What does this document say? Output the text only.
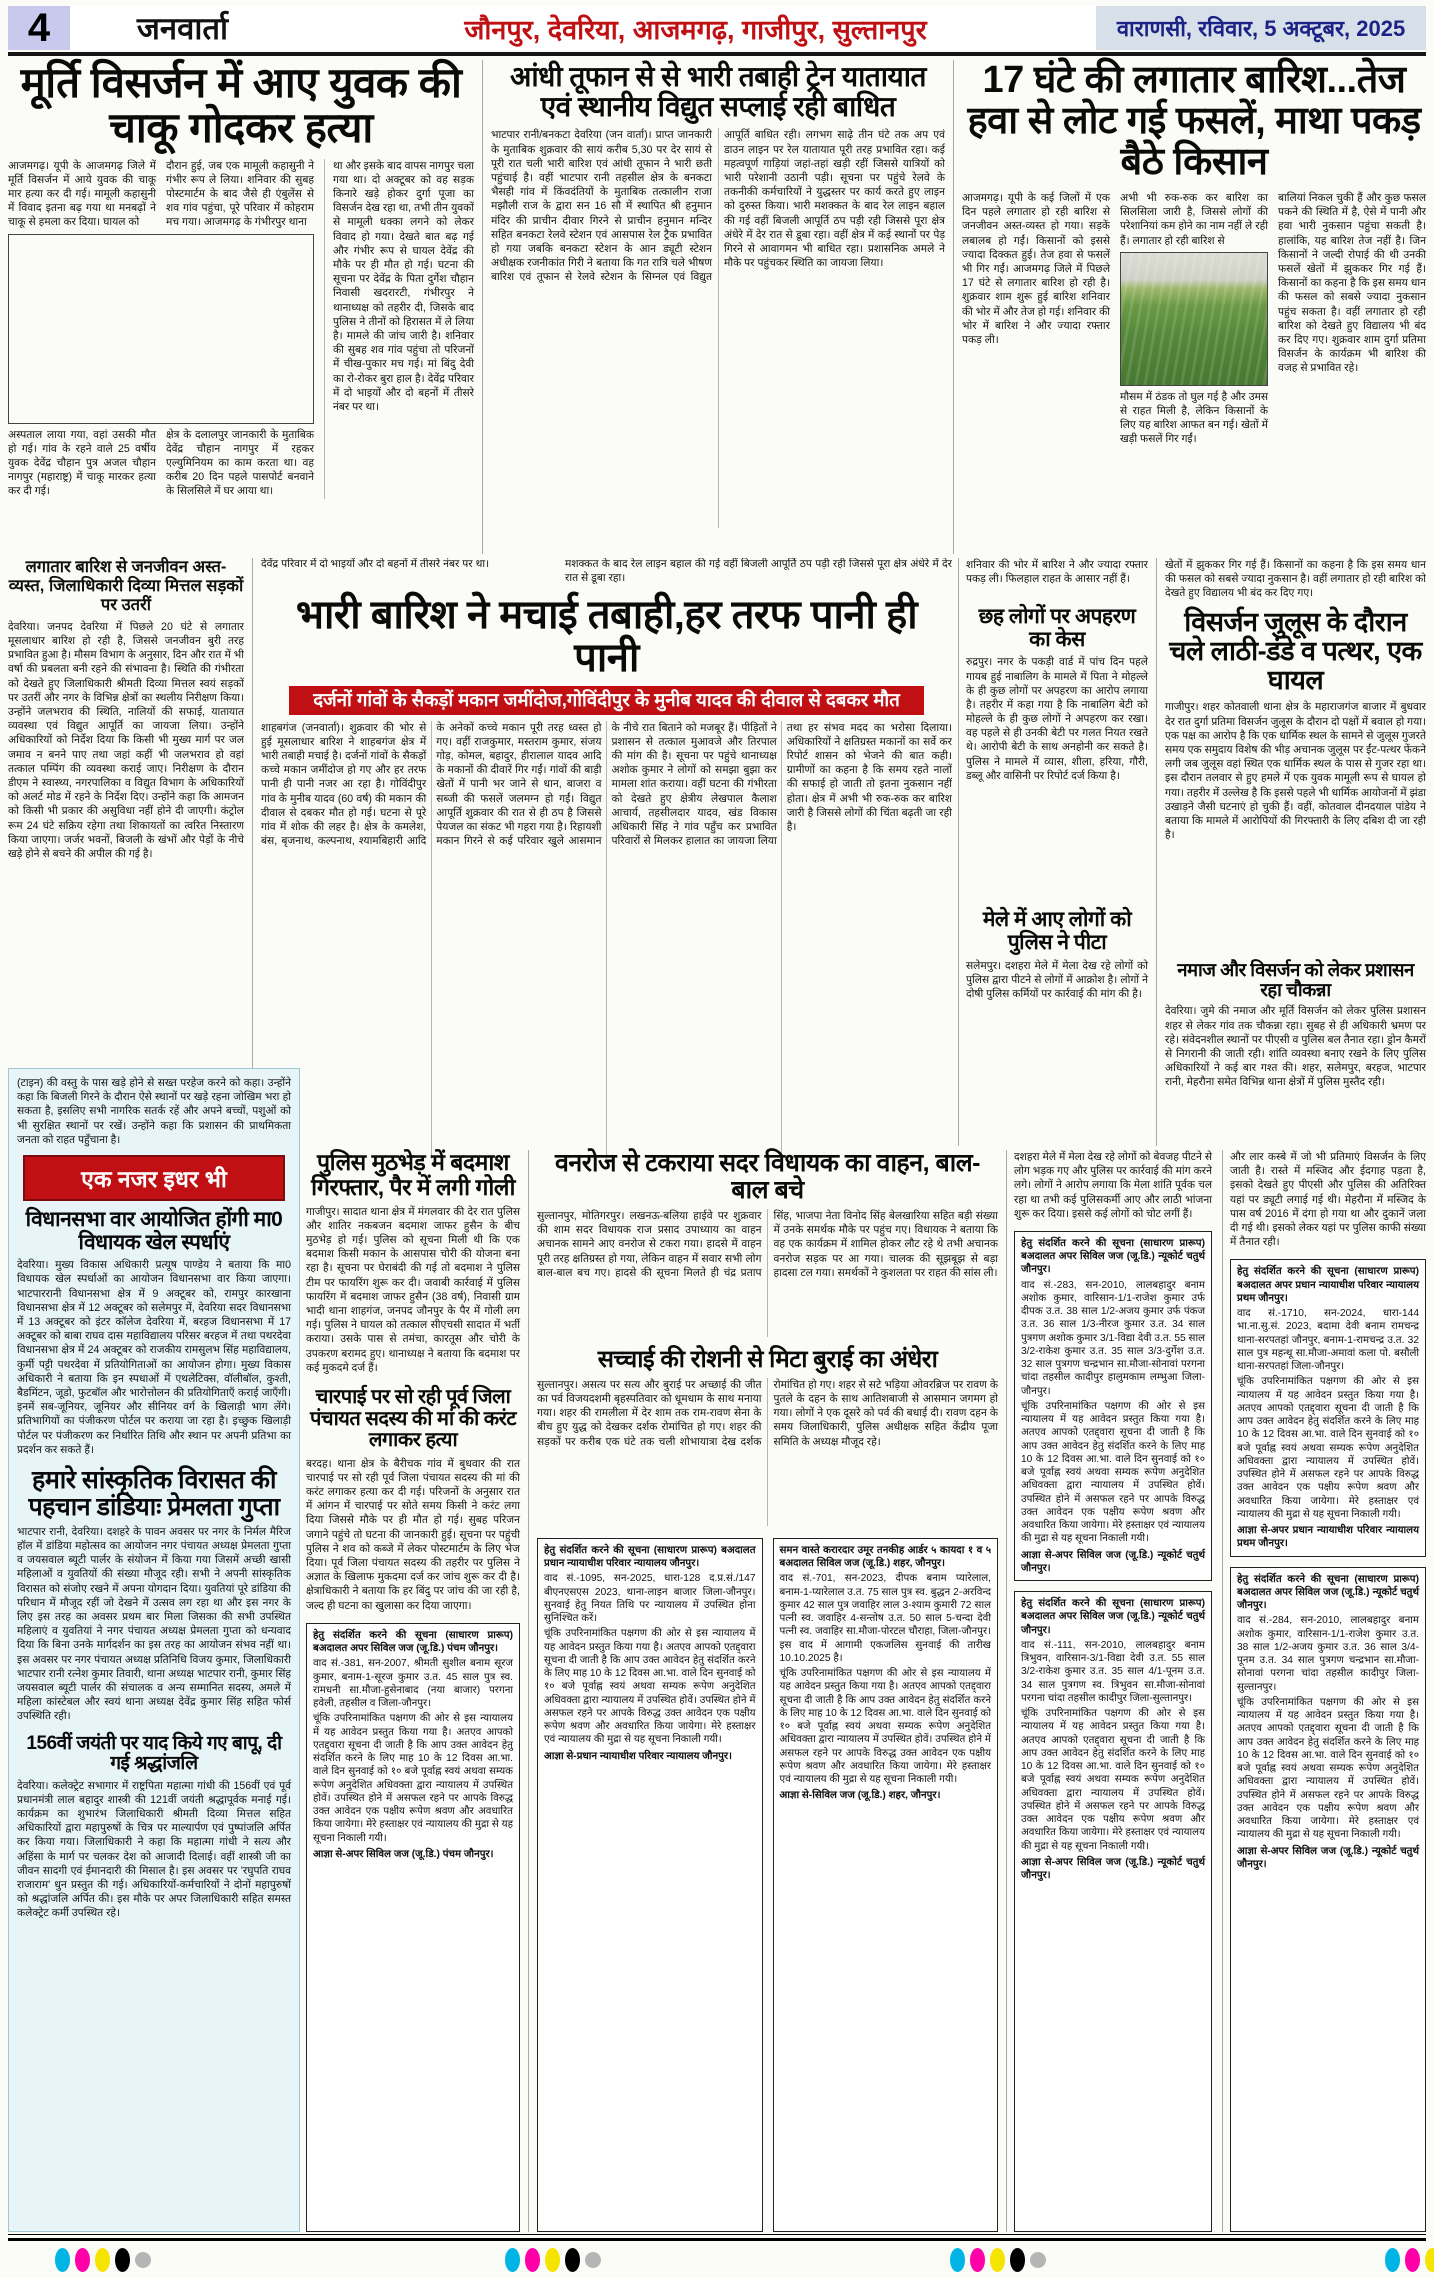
4	जनवार्ता	जौनपुर, देवरिया, आजमगढ़, गाजीपुर, सुल्तानपुर	वाराणसी, रविवार, 5 अक्टूबर, 2025
मूर्ति विसर्जन में आए युवक की चाकू गोदकर हत्या
आजमगढ़। यूपी के आजमगढ़ जिले में मूर्ति विसर्जन में आये युवक की चाकू मार हत्या कर दी गई। मामूली कहासुनी में विवाद इतना बढ़ गया था मनबढ़ों ने चाकू से हमला कर दिया। घायल को
दौरान हुई, जब एक मामूली कहासुनी ने गंभीर रूप ले लिया। शनिवार की सुबह पोस्टमार्टम के बाद जैसे ही एंबुलेंस से शव गांव पहुंचा, पूरे परिवार में कोहराम मच गया। आजमगढ़ के गंभीरपुर थाना
था और इसके बाद वापस नागपुर चला गया था। दो अक्टूबर को वह सड़क किनारे खड़े होकर दुर्गा पूजा का विसर्जन देख रहा था, तभी तीन युवकों से मामूली धक्का लगने को लेकर विवाद हो गया। देखते बात बढ़ गई और गंभीर रूप से घायल देवेंद्र की मौके पर ही मौत हो गई। घटना की सूचना पर देवेंद्र के पिता दुर्गेश चौहान निवासी खदरारटी, गंभीरपुर ने थानाध्यक्ष को तहरीर दी, जिसके बाद पुलिस ने तीनों को हिरासत में ले लिया है। मामले की जांच जारी है। शनिवार की सुबह शव गांव पहुंचा तो परिजनों में चीख-पुकार मच गई। मां बिंदु देवी का रो-रोकर बुरा हाल है। देवेंद्र परिवार में दो भाइयों और दो बहनों में तीसरे नंबर पर था।
अस्पताल लाया गया, वहां उसकी मौत हो गई। गांव के रहने वाले 25 वर्षीय युवक देवेंद्र चौहान पुत्र अजल चौहान नागपुर (महाराष्ट्र) में चाकू मारकर हत्या कर दी गई।
क्षेत्र के दलालपुर जानकारी के मुताबिक देवेंद्र चौहान नागपुर में रहकर एल्युमिनियम का काम करता था। वह करीब 20 दिन पहले पासपोर्ट बनवाने के सिलसिले में घर आया था।
आंधी तूफान से से भारी तबाही ट्रेन यातायात एवं स्थानीय विद्युत सप्लाई रही बाधित
भाटपार रानी/बनकटा देवरिया (जन वार्ता)। प्राप्त जानकारी के मुताबिक शुक्रवार की सायं करीब 5,30 पर देर सायं से पूरी रात चली भारी बारिश एवं आंधी तूफान ने भारी छती पहुंचाई है। वहीं भाटपार रानी तहसील क्षेत्र के बनकटा भैसही गांव में किंवदंतियों के मुताबिक तत्कालीन राजा मझौली राज के द्वारा सन 16 सौ में स्थापित श्री हनुमान मंदिर की प्राचीन दीवार गिरने से प्राचीन हनुमान मन्दिर सहित बनकटा रेलवे स्टेशन एवं आसपास रेल ट्रैक प्रभावित हो गया जबकि बनकटा स्टेशन के आन ड्यूटी स्टेशन अधीक्षक रजनीकांत गिरी ने बताया कि गत रात्रि चले भीषण बारिश एवं तूफान से रेलवे स्टेशन के सिग्नल एवं विद्युत आपूर्ति बाधित रही। लगभग साढ़े तीन घंटे तक अप एवं डाउन लाइन पर रेल यातायात पूरी तरह प्रभावित रहा। कई महत्वपूर्ण गाड़ियां जहां-तहां खड़ी रहीं जिससे यात्रियों को भारी परेशानी उठानी पड़ी। सूचना पर पहुंचे रेलवे के तकनीकी कर्मचारियों ने युद्धस्तर पर कार्य करते हुए लाइन को दुरुस्त किया। भारी मशक्कत के बाद रेल लाइन बहाल की गई वहीं बिजली आपूर्ति ठप पड़ी रही जिससे पूरा क्षेत्र अंधेरे में देर रात से डूबा रहा। वहीं क्षेत्र में कई स्थानों पर पेड़ गिरने से आवागमन भी बाधित रहा। प्रशासनिक अमले ने मौके पर पहुंचकर स्थिति का जायजा लिया।
17 घंटे की लगातार बारिश...तेज हवा से लोट गई फसलें, माथा पकड़ बैठे किसान
आजमगढ़। यूपी के कई जिलों में एक दिन पहले लगातार हो रही बारिश से जनजीवन अस्त-व्यस्त हो गया। सड़कें लबालब हो गईं। किसानों को इससे ज्यादा दिक्कत हुई। तेज हवा से फसलें भी गिर गईं। आजमगढ़ जिले में पिछले 17 घंटे से लगातार बारिश हो रही है। शुक्रवार शाम शुरू हुई बारिश शनिवार की भोर में और तेज हो गई। शनिवार की भोर में बारिश ने और ज्यादा रफ्तार पकड़ ली।
अभी भी रुक-रुक कर बारिश का सिलसिला जारी है, जिससे लोगों की परेशानियां कम होने का नाम नहीं ले रही हैं। लगातार हो रही बारिश से
मौसम में ठंडक तो घुल गई है और उमस से राहत मिली है, लेकिन किसानों के लिए यह बारिश आफत बन गई। खेतों में खड़ी फसलें गिर गईं।
बालियां निकल चुकी हैं और कुछ फसल पकने की स्थिति में है, ऐसे में पानी और हवा भारी नुकसान पहुंचा सकती है। हालांकि, यह बारिश तेज नहीं है। जिन किसानों ने जल्दी रोपाई की थी उनकी फसलें खेतों में झुककर गिर गई हैं। किसानों का कहना है कि इस समय धान की फसल को सबसे ज्यादा नुकसान पहुंच सकता है। वहीं लगातार हो रही बारिश को देखते हुए विद्यालय भी बंद कर दिए गए। शुक्रवार शाम दुर्गा प्रतिमा विसर्जन के कार्यक्रम भी बारिश की वजह से प्रभावित रहे।
लगातार बारिश से जनजीवन अस्त-व्यस्त, जिलाधिकारी दिव्या मित्तल सड़कों पर उतरीं
देवरिया। जनपद देवरिया में पिछले 20 घंटे से लगातार मूसलाधार बारिश हो रही है, जिससे जनजीवन बुरी तरह प्रभावित हुआ है। मौसम विभाग के अनुसार, दिन और रात में भी वर्षा की प्रबलता बनी रहने की संभावना है। स्थिति की गंभीरता को देखते हुए जिलाधिकारी श्रीमती दिव्या मित्तल स्वयं सड़कों पर उतरीं और नगर के विभिन्न क्षेत्रों का स्थलीय निरीक्षण किया। उन्होंने जलभराव की स्थिति, नालियों की सफाई, यातायात व्यवस्था एवं विद्युत आपूर्ति का जायजा लिया। उन्होंने अधिकारियों को निर्देश दिया कि किसी भी मुख्य मार्ग पर जल जमाव न बनने पाए तथा जहां कहीं भी जलभराव हो वहां तत्काल पम्पिंग की व्यवस्था कराई जाए। निरीक्षण के दौरान डीएम ने स्वास्थ्य, नगरपालिका व विद्युत विभाग के अधिकारियों को अलर्ट मोड में रहने के निर्देश दिए। उन्होंने कहा कि आमजन को किसी भी प्रकार की असुविधा नहीं होने दी जाएगी। कंट्रोल रूम 24 घंटे सक्रिय रहेगा तथा शिकायतों का त्वरित निस्तारण किया जाएगा। जर्जर भवनों, बिजली के खंभों और पेड़ों के नीचे खड़े होने से बचने की अपील की गई है।
देवेंद्र परिवार में दो भाइयों और दो बहनों में तीसरे नंबर पर था।	मशक्कत के बाद रेल लाइन बहाल की गई वहीं बिजली आपूर्ति ठप पड़ी रही जिससे पूरा क्षेत्र अंधेरे में देर रात से डूबा रहा।
भारी बारिश ने मचाई तबाही,हर तरफ पानी ही पानी
दर्जनों गांवों के सैकड़ों मकान जमींदोज,गोविंदीपुर के मुनीब यादव की दीवाल से दबकर मौत
शाहबगंज (जनवार्ता)। शुक्रवार की भोर से हुई मूसलाधार बारिश ने शाहबगंज क्षेत्र में भारी तबाही मचाई है। दर्जनों गांवों के सैकड़ों कच्चे मकान जमींदोज हो गए और हर तरफ पानी ही पानी नजर आ रहा है। गोविंदीपुर गांव के मुनीब यादव (60 वर्ष) की मकान की दीवाल से दबकर मौत हो गई। घटना से पूरे गांव में शोक की लहर है। क्षेत्र के कमलेश, बंस, बृजनाथ, कल्पनाथ, श्यामबिहारी आदि के अनेकों कच्चे मकान पूरी तरह ध्वस्त हो गए। वहीं राजकुमार, मस्तराम कुमार, संजय गोड़, कोमल, बहादुर, हीरालाल यादव आदि के मकानों की दीवारें गिर गईं। गांवों की बाड़ी खेतों में पानी भर जाने से धान, बाजरा व सब्जी की फसलें जलमग्न हो गईं। विद्युत आपूर्ति शुक्रवार की रात से ही ठप है जिससे पेयजल का संकट भी गहरा गया है। रिहायशी मकान गिरने से कई परिवार खुले आसमान के नीचे रात बिताने को मजबूर हैं। पीड़ितों ने प्रशासन से तत्काल मुआवजे और तिरपाल की मांग की है। सूचना पर पहुंचे थानाध्यक्ष अशोक कुमार ने लोगों को समझा बुझा कर मामला शांत कराया। वहीं घटना की गंभीरता को देखते हुए क्षेत्रीय लेखपाल कैलाश आचार्य, तहसीलदार यादव, खंड विकास अधिकारी सिंह ने गांव पहुँच कर प्रभावित परिवारों से मिलकर हालात का जायजा लिया तथा हर संभव मदद का भरोसा दिलाया। अधिकारियों ने क्षतिग्रस्त मकानों का सर्वे कर रिपोर्ट शासन को भेजने की बात कही। ग्रामीणों का कहना है कि समय रहते नालों की सफाई हो जाती तो इतना नुकसान नहीं होता। क्षेत्र में अभी भी रुक-रुक कर बारिश जारी है जिससे लोगों की चिंता बढ़ती जा रही है।
शनिवार की भोर में बारिश ने और ज्यादा रफ्तार पकड़ ली। फिलहाल राहत के आसार नहीं हैं।
छह लोगों पर अपहरण का केस
रुद्रपुर। नगर के पकड़ी वार्ड में पांच दिन पहले गायब हुई नाबालिग के मामले में पिता ने मोहल्ले के ही कुछ लोगों पर अपहरण का आरोप लगाया है। तहरीर में कहा गया है कि नाबालिग बेटी को मोहल्ले के ही कुछ लोगों ने अपहरण कर रखा। वह पहले से ही उनकी बेटी पर गलत नियत रखते थे। आरोपी बेटी के साथ अनहोनी कर सकते है। पुलिस ने मामले में व्यास, शीला, हरिया, गौरी, डब्लू और वासिनी पर रिपोर्ट दर्ज किया है।
मेले में आए लोगों को पुलिस ने पीटा
सलेमपुर। दशहरा मेले में मेला देख रहे लोगों को पुलिस द्वारा पीटने से लोगों में आक्रोश है। लोगों ने दोषी पुलिस कर्मियों पर कार्रवाई की मांग की है।
खेतों में झुककर गिर गई हैं। किसानों का कहना है कि इस समय धान की फसल को सबसे ज्यादा नुकसान है। वहीं लगातार हो रही बारिश को देखते हुए विद्यालय भी बंद कर दिए गए।
विसर्जन जुलूस के दौरान चले लाठी-डंडे व पत्थर, एक घायल
गाजीपुर। शहर कोतवाली थाना क्षेत्र के महाराजगंज बाजार में बुधवार देर रात दुर्गा प्रतिमा विसर्जन जुलूस के दौरान दो पक्षों में बवाल हो गया। एक पक्ष का आरोप है कि एक धार्मिक स्थल के सामने से जुलूस गुजरते समय एक समुदाय विशेष की भीड़ अचानक जुलूस पर ईंट-पत्थर फेंकने लगी जब जुलूस वहां स्थित एक धार्मिक स्थल के पास से गुजर रहा था। इस दौरान तलवार से हुए हमले में एक युवक मामूली रूप से घायल हो गया। तहरीर में उल्लेख है कि इससे पहले भी धार्मिक आयोजनों में झंडा उखाड़ने जैसी घटनाएं हो चुकी हैं। वहीं, कोतवाल दीनदयाल पांडेय ने बताया कि मामले में आरोपियों की गिरफ्तारी के लिए दबिश दी जा रही है।
नमाज और विसर्जन को लेकर प्रशासन रहा चौकन्ना
देवरिया। जुमे की नमाज और मूर्ति विसर्जन को लेकर पुलिस प्रशासन शहर से लेकर गांव तक चौकन्ना रहा। सुबह से ही अधिकारी भ्रमण पर रहे। संवेदनशील स्थानों पर पीएसी व पुलिस बल तैनात रहा। ड्रोन कैमरों से निगरानी की जाती रही। शांति व्यवस्था बनाए रखने के लिए पुलिस अधिकारियों ने कई बार गश्त की। शहर, सलेमपुर, बरहज, भाटपार रानी, मेहरौना समेत विभिन्न थाना क्षेत्रों में पुलिस मुस्तैद रही।
(टाइन) की वस्तु के पास खड़े होने से सख्त परहेज करने को कहा। उन्होंने कहा कि बिजली गिरने के दौरान ऐसे स्थानों पर खड़े रहना जोखिम भरा हो सकता है, इसलिए सभी नागरिक सतर्क रहें और अपने बच्चों, पशुओं को भी सुरक्षित स्थानों पर रखें। उन्होंने कहा कि प्रशासन की प्राथमिकता जनता को राहत पहुँचाना है।
एक नजर इधर भी
विधानसभा वार आयोजित होंगी मा0 विधायक खेल स्पर्धाएं
देवरिया। मुख्य विकास अधिकारी प्रत्यूष पाण्डेय ने बताया कि मा0 विधायक खेल स्पर्धाओं का आयोजन विधानसभा वार किया जाएगा। भाटपाररानी विधानसभा क्षेत्र में 9 अक्टूबर को, रामपुर कारखाना विधानसभा क्षेत्र में 12 अक्टूबर को सलेमपुर में, देवरिया सदर विधानसभा में 13 अक्टूबर को इंटर कॉलेज देवरिया में, बरहज विधानसभा में 17 अक्टूबर को बाबा राघव दास महाविद्यालय परिसर बरहज में तथा पथरदेवा विधानसभा क्षेत्र में 24 अक्टूबर को राजकीय रामसुलभ सिंह महाविद्यालय, कुर्मी पट्टी पथरदेवा में प्रतियोगिताओं का आयोजन होगा। मुख्य विकास अधिकारी ने बताया कि इन स्पधाओं में एथलेटिक्स, वॉलीबॉल, कुश्ती, बैडमिंटन, जूडो, फुटबॉल और भारोत्तोलन की प्रतियोगिताएँ कराई जाएँगी। इनमें सब-जूनियर, जूनियर और सीनियर वर्ग के खिलाड़ी भाग लेंगे। प्रतिभागियों का पंजीकरण पोर्टल पर कराया जा रहा है। इच्छुक खिलाड़ी पोर्टल पर पंजीकरण कर निर्धारित तिथि और स्थान पर अपनी प्रतिभा का प्रदर्शन कर सकते हैं।
हमारे सांस्कृतिक विरासत की पहचान डांडियाः प्रेमलता गुप्ता
भाटपार रानी, देवरिया। दशहरे के पावन अवसर पर नगर के निर्मल मैरिज हॉल में डांडिया महोत्सव का आयोजन नगर पंचायत अध्यक्ष प्रेमलता गुप्ता व जयसवाल ब्यूटी पार्लर के संयोजन में किया गया जिसमें अच्छी खासी महिलाओं व युवतियों की संख्या मौजूद रही। सभी ने अपनी सांस्कृतिक विरासत को संजोए रखने में अपना योगदान दिया। युवतियां पूरे डांडिया की परिधान में मौजूद रहीं जो देखने में उत्सव लग रहा था और इस नगर के लिए इस तरह का अवसर प्रथम बार मिला जिसका की सभी उपस्थित महिलाएं व युवतियां ने नगर पंचायत अध्यक्ष प्रेमलता गुप्ता को धन्यवाद दिया कि बिना उनके मार्गदर्शन का इस तरह का आयोजन संभव नहीं था। इस अवसर पर नगर पंचायत अध्यक्ष प्रतिनिधि विजय कुमार, जिलाधिकारी भाटपार रानी रत्नेश कुमार तिवारी, थाना अध्यक्ष भाटपार रानी, कुमार सिंह जयसवाल ब्यूटी पार्लर की संचालक व अन्य सम्मानित सदस्य, अमले में महिला कांस्टेबल और स्वयं थाना अध्यक्ष देवेंद्र कुमार सिंह सहित फोर्स उपस्थिति रही।
156वीं जयंती पर याद किये गए बापू, दी गई श्रद्धांजलि
देवरिया। कलेक्ट्रेट सभागार में राष्ट्रपिता महात्मा गांधी की 156वीं एवं पूर्व प्रधानमंत्री लाल बहादुर शास्त्री की 121वीं जयंती श्रद्धापूर्वक मनाई गई। कार्यक्रम का शुभारंभ जिलाधिकारी श्रीमती दिव्या मित्तल सहित अधिकारियों द्वारा महापुरुषों के चित्र पर माल्यार्पण एवं पुष्पांजलि अर्पित कर किया गया। जिलाधिकारी ने कहा कि महात्मा गांधी ने सत्य और अहिंसा के मार्ग पर चलकर देश को आजादी दिलाई। वहीं शास्त्री जी का जीवन सादगी एवं ईमानदारी की मिसाल है। इस अवसर पर 'रघुपति राघव राजाराम' धुन प्रस्तुत की गई। अधिकारियों-कर्मचारियों ने दोनों महापुरुषों को श्रद्धांजलि अर्पित की। इस मौके पर अपर जिलाधिकारी सहित समस्त कलेक्ट्रेट कर्मी उपस्थित रहे।
पुलिस मुठभेड़ में बदमाश गिरफ्तार, पैर में लगी गोली
गाजीपुर। सादात थाना क्षेत्र में मंगलवार की देर रात पुलिस और शातिर नकबजन बदमाश जाफर हुसैन के बीच मुठभेड़ हो गई। पुलिस को सूचना मिली थी कि एक बदमाश किसी मकान के आसपास चोरी की योजना बना रहा है। सूचना पर घेराबंदी की गई तो बदमाश ने पुलिस टीम पर फायरिंग शुरू कर दी। जवाबी कार्रवाई में पुलिस फायरिंग में बदमाश जाफर हुसैन (38 वर्ष), निवासी ग्राम भादी थाना शाहगंज, जनपद जौनपुर के पैर में गोली लग गई। पुलिस ने घायल को तत्काल सीएचसी सादात में भर्ती कराया। उसके पास से तमंचा, कारतूस और चोरी के उपकरण बरामद हुए। थानाध्यक्ष ने बताया कि बदमाश पर कई मुकदमे दर्ज हैं।
चारपाई पर सो रही पूर्व जिला पंचायत सदस्य की मां की करंट लगाकर हत्या
बरदह। थाना क्षेत्र के बैरीचक गांव में बुधवार की रात चारपाई पर सो रही पूर्व जिला पंचायत सदस्य की मां की करंट लगाकर हत्या कर दी गई। परिजनों के अनुसार रात में आंगन में चारपाई पर सोते समय किसी ने करंट लगा दिया जिससे मौके पर ही मौत हो गई। सुबह परिजन जगाने पहुंचे तो घटना की जानकारी हुई। सूचना पर पहुंची पुलिस ने शव को कब्जे में लेकर पोस्टमार्टम के लिए भेज दिया। पूर्व जिला पंचायत सदस्य की तहरीर पर पुलिस ने अज्ञात के खिलाफ मुकदमा दर्ज कर जांच शुरू कर दी है। क्षेत्राधिकारी ने बताया कि हर बिंदु पर जांच की जा रही है, जल्द ही घटना का खुलासा कर दिया जाएगा।
हेतु संदर्शित करने की सूचना (साधारण प्रारूप) बअदालत अपर सिविल जज (जू.डि.) पंचम जौनपुर।
वाद सं.-381, सन-2007, श्रीमती सुशील बनाम सूरज कुमार, बनाम-1-सूरज कुमार उ.त. 45 साल पुत्र स्व. रामधनी सा.मौजा-हुसेनाबाद (नया बाजार) परगना हवेली, तहसील व जिला-जौनपुर।
चूंकि उपरिनामांकित पक्षगण की ओर से इस न्यायालय में यह आवेदन प्रस्तुत किया गया है। अतएव आपको एतद्द्वारा सूचना दी जाती है कि आप उक्त आवेदन हेतु संदर्शित करने के लिए माह 10 के 12 दिवस आ.भा. वाले दिन सुनवाई को १० बजे पूर्वाह्न स्वयं अथवा सम्यक रूपेण अनुदेशित अधिवक्ता द्वारा न्यायालय में उपस्थित होवें। उपस्थित होने में असफल रहने पर आपके विरुद्ध उक्त आवेदन एक पक्षीय रूपेण श्रवण और अवधारित किया जायेगा। मेरे हस्ताक्षर एवं न्यायालय की मुद्रा से यह सूचना निकाली गयी।
आज्ञा से-अपर सिविल जज (जू.डि.) पंचम जौनपुर।
वनरोज से टकराया सदर विधायक का वाहन, बाल-बाल बचे
सुल्तानपुर, मोतिगरपुर। लखनऊ-बलिया हाईवे पर शुक्रवार की शाम सदर विधायक राज प्रसाद उपाध्याय का वाहन अचानक सामने आए वनरोज से टकरा गया। हादसे में वाहन पूरी तरह क्षतिग्रस्त हो गया, लेकिन वाहन में सवार सभी लोग बाल-बाल बच गए। हादसे की सूचना मिलते ही चंद्र प्रताप सिंह, भाजपा नेता विनोद सिंह बेलखारिया सहित बड़ी संख्या में उनके समर्थक मौके पर पहुंच गए। विधायक ने बताया कि वह एक कार्यक्रम में शामिल होकर लौट रहे थे तभी अचानक वनरोज सड़क पर आ गया। चालक की सूझबूझ से बड़ा हादसा टल गया। समर्थकों ने कुशलता पर राहत की सांस ली।
सच्चाई की रोशनी से मिटा बुराई का अंधेरा
सुल्तानपुर। असत्य पर सत्य और बुराई पर अच्छाई की जीत का पर्व विजयदशमी बृहस्पतिवार को धूमधाम के साथ मनाया गया। शहर की रामलीला में देर शाम तक राम-रावण सेना के बीच हुए युद्ध को देखकर दर्शक रोमांचित हो गए। शहर की सड़कों पर करीब एक घंटे तक चली शोभायात्रा देख दर्शक रोमांचित हो गए। शहर से सटे भड़िया ओवरब्रिज पर रावण के पुतले के दहन के साथ आतिशबाजी से आसमान जगमग हो गया। लोगों ने एक दूसरे को पर्व की बधाई दी। रावण दहन के समय जिलाधिकारी, पुलिस अधीक्षक सहित केंद्रीय पूजा समिति के अध्यक्ष मौजूद रहे।
हेतु संदर्शित करने की सूचना (साधारण प्रारूप) बअदालत प्रधान न्यायाधीश परिवार न्यायालय जौनपुर।
वाद सं.-1095, सन-2025, धारा-128 द.प्र.सं./147 बीएनएसएस 2023, थाना-लाइन बाजार जिला-जौनपुर। सुनवाई हेतु नियत तिथि पर न्यायालय में उपस्थित होना सुनिश्चित करें।
चूंकि उपरिनामांकित पक्षगण की ओर से इस न्यायालय में यह आवेदन प्रस्तुत किया गया है। अतएव आपको एतद्द्वारा सूचना दी जाती है कि आप उक्त आवेदन हेतु संदर्शित करने के लिए माह 10 के 12 दिवस आ.भा. वाले दिन सुनवाई को १० बजे पूर्वाह्न स्वयं अथवा सम्यक रूपेण अनुदेशित अधिवक्ता द्वारा न्यायालय में उपस्थित होवें। उपस्थित होने में असफल रहने पर आपके विरुद्ध उक्त आवेदन एक पक्षीय रूपेण श्रवण और अवधारित किया जायेगा। मेरे हस्ताक्षर एवं न्यायालय की मुद्रा से यह सूचना निकाली गयी।
आज्ञा से-प्रधान न्यायाधीश परिवार न्यायालय जौनपुर।
समन वास्ते करारदार उमूर तनकीह आर्डर ५ कायदा १ व ५ बअदालत सिविल जज (जू.डि.) शहर, जौनपुर।
वाद सं.-701, सन-2023, दीपक बनाम प्यारेलाल, बनाम-1-प्यारेलाल उ.त. 75 साल पुत्र स्व. बुद्धन 2-अरविन्द कुमार 42 साल पुत्र जवाहिर लाल 3-श्याम कुमारी 72 साल पत्नी स्व. जवाहिर 4-सन्तोष उ.त. 50 साल 5-चन्दा देवी पत्नी स्व. जवाहिर सा.मौजा-पोरटल चौराहा, जिला-जौनपुर। इस वाद में आगामी एकजलिस सुनवाई की तारीख 10.10.2025 है।
चूंकि उपरिनामांकित पक्षगण की ओर से इस न्यायालय में यह आवेदन प्रस्तुत किया गया है। अतएव आपको एतद्द्वारा सूचना दी जाती है कि आप उक्त आवेदन हेतु संदर्शित करने के लिए माह 10 के 12 दिवस आ.भा. वाले दिन सुनवाई को १० बजे पूर्वाह्न स्वयं अथवा सम्यक रूपेण अनुदेशित अधिवक्ता द्वारा न्यायालय में उपस्थित होवें। उपस्थित होने में असफल रहने पर आपके विरुद्ध उक्त आवेदन एक पक्षीय रूपेण श्रवण और अवधारित किया जायेगा। मेरे हस्ताक्षर एवं न्यायालय की मुद्रा से यह सूचना निकाली गयी।
आज्ञा से-सिविल जज (जू.डि.) शहर, जौनपुर।
दशहरा मेले में मेला देख रहे लोगों को बेवजह पीटने से लोग भड़क गए और पुलिस पर कार्रवाई की मांग करने लगे। लोगों ने आरोप लगाया कि मेला शांति पूर्वक चल रहा था तभी कई पुलिसकर्मी आए और लाठी भांजना शुरू कर दिया। इससे कई लोगों को चोट लगीं हैं।
हेतु संदर्शित करने की सूचना (साधारण प्रारूप) बअदालत अपर सिविल जज (जू.डि.) न्यूकोर्ट चतुर्थ जौनपुर।
वाद सं.-283, सन-2010, लालबहादुर बनाम अशोक कुमार, वारिसान-1/1-राजेश कुमार उर्फ दीपक उ.त. 38 साल 1/2-अजय कुमार उर्फ पंकज उ.त. 36 साल 1/3-नीरज कुमार उ.त. 34 साल पुत्रगण अशोक कुमार 3/1-विद्या देवी उ.त. 55 साल 3/2-राकेश कुमार उ.त. 35 साल 3/3-दुर्गेश उ.त. 32 साल पुत्रगण चन्द्रभान सा.मौजा-सोनावां परगना चांदा तहसील कादीपुर हालुमकाम लम्भुआ जिला-जौनपुर।
चूंकि उपरिनामांकित पक्षगण की ओर से इस न्यायालय में यह आवेदन प्रस्तुत किया गया है। अतएव आपको एतद्द्वारा सूचना दी जाती है कि आप उक्त आवेदन हेतु संदर्शित करने के लिए माह 10 के 12 दिवस आ.भा. वाले दिन सुनवाई को १० बजे पूर्वाह्न स्वयं अथवा सम्यक रूपेण अनुदेशित अधिवक्ता द्वारा न्यायालय में उपस्थित होवें। उपस्थित होने में असफल रहने पर आपके विरुद्ध उक्त आवेदन एक पक्षीय रूपेण श्रवण और अवधारित किया जायेगा। मेरे हस्ताक्षर एवं न्यायालय की मुद्रा से यह सूचना निकाली गयी।
आज्ञा से-अपर सिविल जज (जू.डि.) न्यूकोर्ट चतुर्थ जौनपुर।
हेतु संदर्शित करने की सूचना (साधारण प्रारूप) बअदालत अपर सिविल जज (जू.डि.) न्यूकोर्ट चतुर्थ जौनपुर।
वाद सं.-111, सन-2010, लालबहादुर बनाम त्रिभुवन, वारिसान-3/1-विद्या देवी उ.त. 55 साल 3/2-राकेश कुमार उ.त. 35 साल 4/1-पूनम उ.त. 34 साल पुत्रगण स्व. त्रिभुवन सा.मौजा-सोनावां परगना चांदा तहसील कादीपुर जिला-सुल्तानपुर।
चूंकि उपरिनामांकित पक्षगण की ओर से इस न्यायालय में यह आवेदन प्रस्तुत किया गया है। अतएव आपको एतद्द्वारा सूचना दी जाती है कि आप उक्त आवेदन हेतु संदर्शित करने के लिए माह 10 के 12 दिवस आ.भा. वाले दिन सुनवाई को १० बजे पूर्वाह्न स्वयं अथवा सम्यक रूपेण अनुदेशित अधिवक्ता द्वारा न्यायालय में उपस्थित होवें। उपस्थित होने में असफल रहने पर आपके विरुद्ध उक्त आवेदन एक पक्षीय रूपेण श्रवण और अवधारित किया जायेगा। मेरे हस्ताक्षर एवं न्यायालय की मुद्रा से यह सूचना निकाली गयी।
आज्ञा से-अपर सिविल जज (जू.डि.) न्यूकोर्ट चतुर्थ जौनपुर।
और लार कस्बे में जो भी प्रतिमाएं विसर्जन के लिए जाती है। रास्ते में मस्जिद और ईदगाह पड़ता है, इसको देखते हुए पीएसी और पुलिस की अतिरिक्त यहां पर ड्यूटी लगाई गई थी। मेहरौना में मस्जिद के पास वर्ष 2016 में दंगा हो गया था और दुकानें जला दी गई थी। इसको लेकर यहां पर पुलिस काफी संख्या में तैनात रही।
हेतु संदर्शित करने की सूचना (साधारण प्रारूप) बअदालत अपर प्रधान न्यायाधीश परिवार न्यायालय प्रथम जौनपुर।
वाद सं.-1710, सन-2024, धारा-144 भा.ना.सु.सं. 2023, बदामा देवी बनाम रामचन्द्र थाना-सरपतहां जौनपुर, बनाम-1-रामचन्द्र उ.त. 32 साल पुत्र महन्थू सा.मौजा-अमावां कला पो. बसौली थाना-सरपतहां जिला-जौनपुर।
चूंकि उपरिनामांकित पक्षगण की ओर से इस न्यायालय में यह आवेदन प्रस्तुत किया गया है। अतएव आपको एतद्द्वारा सूचना दी जाती है कि आप उक्त आवेदन हेतु संदर्शित करने के लिए माह 10 के 12 दिवस आ.भा. वाले दिन सुनवाई को १० बजे पूर्वाह्न स्वयं अथवा सम्यक रूपेण अनुदेशित अधिवक्ता द्वारा न्यायालय में उपस्थित होवें। उपस्थित होने में असफल रहने पर आपके विरुद्ध उक्त आवेदन एक पक्षीय रूपेण श्रवण और अवधारित किया जायेगा। मेरे हस्ताक्षर एवं न्यायालय की मुद्रा से यह सूचना निकाली गयी।
आज्ञा से-अपर प्रधान न्यायाधीश परिवार न्यायालय प्रथम जौनपुर।
हेतु संदर्शित करने की सूचना (साधारण प्रारूप) बअदालत अपर सिविल जज (जू.डि.) न्यूकोर्ट चतुर्थ जौनपुर।
वाद सं.-284, सन-2010, लालबहादुर बनाम अशोक कुमार, वारिसान-1/1-राजेश कुमार उ.त. 38 साल 1/2-अजय कुमार उ.त. 36 साल 3/4-पूनम उ.त. 34 साल पुत्रगण चन्द्रभान सा.मौजा-सोनावां परगना चांदा तहसील कादीपुर जिला-सुल्तानपुर।
चूंकि उपरिनामांकित पक्षगण की ओर से इस न्यायालय में यह आवेदन प्रस्तुत किया गया है। अतएव आपको एतद्द्वारा सूचना दी जाती है कि आप उक्त आवेदन हेतु संदर्शित करने के लिए माह 10 के 12 दिवस आ.भा. वाले दिन सुनवाई को १० बजे पूर्वाह्न स्वयं अथवा सम्यक रूपेण अनुदेशित अधिवक्ता द्वारा न्यायालय में उपस्थित होवें। उपस्थित होने में असफल रहने पर आपके विरुद्ध उक्त आवेदन एक पक्षीय रूपेण श्रवण और अवधारित किया जायेगा। मेरे हस्ताक्षर एवं न्यायालय की मुद्रा से यह सूचना निकाली गयी।
आज्ञा से-अपर सिविल जज (जू.डि.) न्यूकोर्ट चतुर्थ जौनपुर।
